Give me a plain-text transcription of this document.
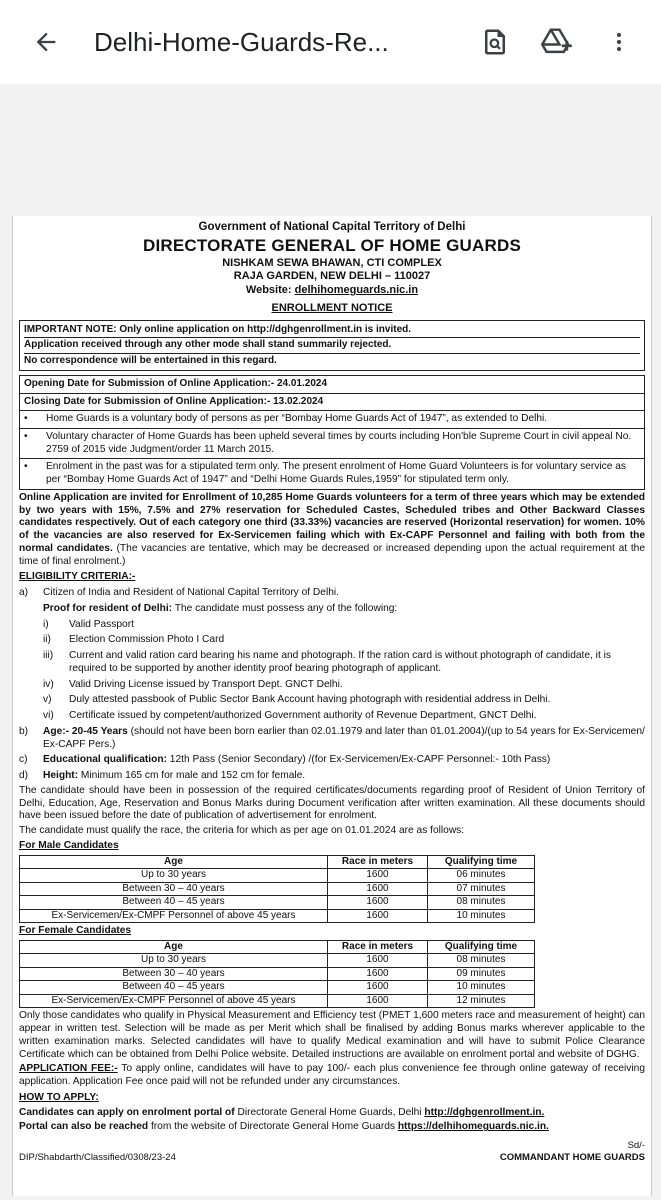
Delhi-Home-Guards-Re...
Government of National Capital Territory of Delhi
DIRECTORATE GENERAL OF HOME GUARDS
NISHKAM SEWA BHAWAN, CTI COMPLEX
RAJA GARDEN, NEW DELHI – 110027
Website: delhihomeguards.nic.in
ENROLLMENT NOTICE
IMPORTANT NOTE: Only online application on http://dghgenrollment.in is invited.
Application received through any other mode shall stand summarily rejected.
No correspondence will be entertained in this regard.
Opening Date for Submission of Online Application:- 24.01.2024
Closing Date for Submission of Online Application:- 13.02.2024
•	Home Guards is a voluntary body of persons as per “Bombay Home Guards Act of 1947”, as extended to Delhi.
•	Voluntary character of Home Guards has been upheld several times by courts including Hon'ble Supreme Court in civil appeal No. 2759 of 2015 vide Judgment/order 11 March 2015.
•	Enrolment in the past was for a stipulated term only. The present enrolment of Home Guard Volunteers is for voluntary service as per “Bombay Home Guards Act of 1947” and “Delhi Home Guards Rules,1959” for stipulated term only.

Online Application are invited for Enrollment of 10,285 Home Guards volunteers for a term of three years which may be extended by two years with 15%, 7.5% and 27% reservation for Scheduled Castes, Scheduled tribes and Other Backward Classes candidates respectively. Out of each category one third (33.33%) vacancies are reserved (Horizontal reservation) for women. 10% of the vacancies are also reserved for Ex-Servicemen failing which with Ex-CAPF Personnel and failing with both from the normal candidates. (The vacancies are tentative, which may be decreased or increased depending upon the actual requirement at the time of final enrolment.)

ELIGIBILITY CRITERIA:-
a)	Citizen of India and Resident of National Capital Territory of Delhi.
Proof for resident of Delhi: The candidate must possess any of the following:
i)	Valid Passport
ii)	Election Commission Photo I Card
iii)	Current and valid ration card bearing his name and photograph. If the ration card is without photograph of candidate, it is required to be supported by another identity proof bearing photograph of applicant.
iv)	Valid Driving License issued by Transport Dept. GNCT Delhi.
v)	Duly attested passbook of Public Sector Bank Account having photograph with residential address in Delhi.
vi)	Certificate issued by competent/authorized Government authority of Revenue Department, GNCT Delhi.
b)	Age:- 20-45 Years (should not have been born earlier than 02.01.1979 and later than 01.01.2004)/(up to 54 years for Ex-Servicemen/ Ex-CAPF Pers.)
c)	Educational qualification: 12th Pass (Senior Secondary) /(for Ex-Servicemen/Ex-CAPF Personnel:- 10th Pass)
d)	Height: Minimum 165 cm for male and 152 cm for female.

The candidate should have been in possession of the required certificates/documents regarding proof of Resident of Union Territory of Delhi, Education, Age, Reservation and Bonus Marks during Document verification after written examination. All these documents should have been issued before the date of publication of advertisement for enrolment.

The candidate must qualify the race, the criteria for which as per age on 01.01.2024 are as follows:

For Male Candidates
Age	Race in meters	Qualifying time
Up to 30 years	1600	06 minutes
Between 30 – 40 years	1600	07 minutes
Between 40 – 45 years	1600	08 minutes
Ex-Servicemen/Ex-CMPF Personnel of above 45 years	1600	10 minutes
For Female Candidates
Age	Race in meters	Qualifying time
Up to 30 years	1600	08 minutes
Between 30 – 40 years	1600	09 minutes
Between 40 – 45 years	1600	10 minutes
Ex-Servicemen/Ex-CMPF Personnel of above 45 years	1600	12 minutes

Only those candidates who qualify in Physical Measurement and Efficiency test (PMET 1,600 meters race and measurement of height) can appear in written test. Selection will be made as per Merit which shall be finalised by adding Bonus marks wherever applicable to the written examination marks. Selected candidates will have to qualify Medical examination and will have to submit Police Clearance Certificate which can be obtained from Delhi Police website. Detailed instructions are available on enrolment portal and website of DGHG.

APPLICATION FEE:- To apply online, candidates will have to pay 100/- each plus convenience fee through online gateway of receiving application. Application Fee once paid will not be refunded under any circumstances.

HOW TO APPLY:

Candidates can apply on enrolment portal of Directorate General Home Guards, Delhi http://dghgenrollment.in.

Portal can also be reached from the website of Directorate General Home Guards https://delhihomeguards.nic.in.

Sd/-
DIP/Shabdarth/Classified/0308/23-24	COMMANDANT HOME GUARDS
